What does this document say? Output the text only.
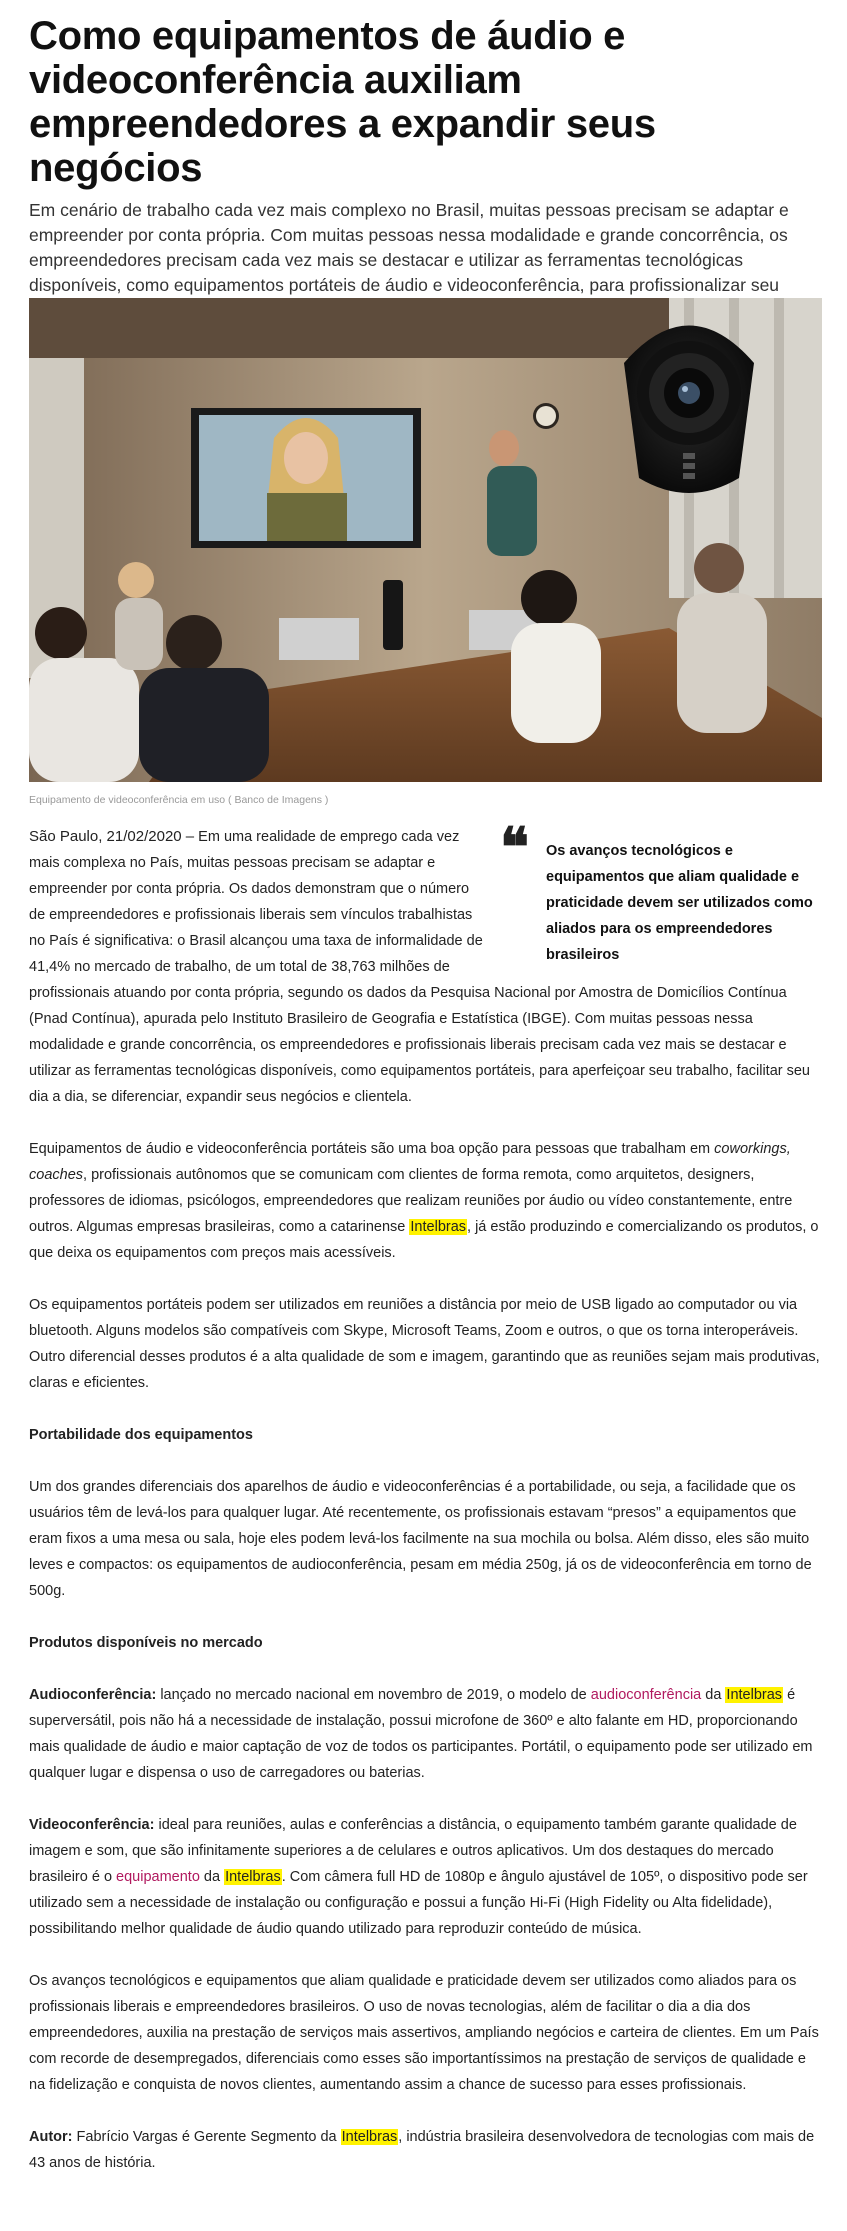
Como equipamentos de áudio e videoconferência auxiliam empreendedores a expandir seus negócios

Em cenário de trabalho cada vez mais complexo no Brasil, muitas pessoas precisam se adaptar e empreender por conta própria. Com muitas pessoas nessa modalidade e grande concorrência, os empreendedores precisam cada vez mais se destacar e utilizar as ferramentas tecnológicas disponíveis, como equipamentos portáteis de áudio e videoconferência, para profissionalizar seu

Equipamento de videoconferência em uso ( Banco de Imagens )
❝ Os avanços tecnológicos e equipamentos que aliam qualidade e praticidade devem ser utilizados como aliados para os empreendedores brasileiros

São Paulo, 21/02/2020 – Em uma realidade de emprego cada vez mais complexa no País, muitas pessoas precisam se adaptar e empreender por conta própria. Os dados demonstram que o número de empreendedores e profissionais liberais sem vínculos trabalhistas no País é significativa: o Brasil alcançou uma taxa de informalidade de 41,4% no mercado de trabalho, de um total de 38,763 milhões de profissionais atuando por conta própria, segundo os dados da Pesquisa Nacional por Amostra de Domicílios Contínua (Pnad Contínua), apurada pelo Instituto Brasileiro de Geografia e Estatística (IBGE). Com muitas pessoas nessa modalidade e grande concorrência, os empreendedores e profissionais liberais precisam cada vez mais se destacar e utilizar as ferramentas tecnológicas disponíveis, como equipamentos portáteis, para aperfeiçoar seu trabalho, facilitar seu dia a dia, se diferenciar, expandir seus negócios e clientela.

Equipamentos de áudio e videoconferência portáteis são uma boa opção para pessoas que trabalham em coworkings, coaches, profissionais autônomos que se comunicam com clientes de forma remota, como arquitetos, designers, professores de idiomas, psicólogos, empreendedores que realizam reuniões por áudio ou vídeo constantemente, entre outros. Algumas empresas brasileiras, como a catarinense Intelbras, já estão produzindo e comercializando os produtos, o que deixa os equipamentos com preços mais acessíveis.

Os equipamentos portáteis podem ser utilizados em reuniões a distância por meio de USB ligado ao computador ou via bluetooth. Alguns modelos são compatíveis com Skype, Microsoft Teams, Zoom e outros, o que os torna interoperáveis. Outro diferencial desses produtos é a alta qualidade de som e imagem, garantindo que as reuniões sejam mais produtivas, claras e eficientes.

Portabilidade dos equipamentos

Um dos grandes diferenciais dos aparelhos de áudio e videoconferências é a portabilidade, ou seja, a facilidade que os usuários têm de levá-los para qualquer lugar. Até recentemente, os profissionais estavam “presos” a equipamentos que eram fixos a uma mesa ou sala, hoje eles podem levá-los facilmente na sua mochila ou bolsa. Além disso, eles são muito leves e compactos: os equipamentos de audioconferência, pesam em média 250g, já os de videoconferência em torno de 500g.

Produtos disponíveis no mercado

Audioconferência: lançado no mercado nacional em novembro de 2019, o modelo de audioconferência da Intelbras é superversátil, pois não há a necessidade de instalação, possui microfone de 360º e alto falante em HD, proporcionando mais qualidade de áudio e maior captação de voz de todos os participantes. Portátil, o equipamento pode ser utilizado em qualquer lugar e dispensa o uso de carregadores ou baterias.

Videoconferência: ideal para reuniões, aulas e conferências a distância, o equipamento também garante qualidade de imagem e som, que são infinitamente superiores a de celulares e outros aplicativos. Um dos destaques do mercado brasileiro é o equipamento da Intelbras. Com câmera full HD de 1080p e ângulo ajustável de 105º, o dispositivo pode ser utilizado sem a necessidade de instalação ou configuração e possui a função Hi-Fi (High Fidelity ou Alta fidelidade), possibilitando melhor qualidade de áudio quando utilizado para reproduzir conteúdo de música.

Os avanços tecnológicos e equipamentos que aliam qualidade e praticidade devem ser utilizados como aliados para os profissionais liberais e empreendedores brasileiros. O uso de novas tecnologias, além de facilitar o dia a dia dos empreendedores, auxilia na prestação de serviços mais assertivos, ampliando negócios e carteira de clientes. Em um País com recorde de desempregados, diferenciais como esses são importantíssimos na prestação de serviços de qualidade e na fidelização e conquista de novos clientes, aumentando assim a chance de sucesso para esses profissionais.

Autor: Fabrício Vargas é Gerente Segmento da Intelbras, indústria brasileira desenvolvedora de tecnologias com mais de 43 anos de história.
